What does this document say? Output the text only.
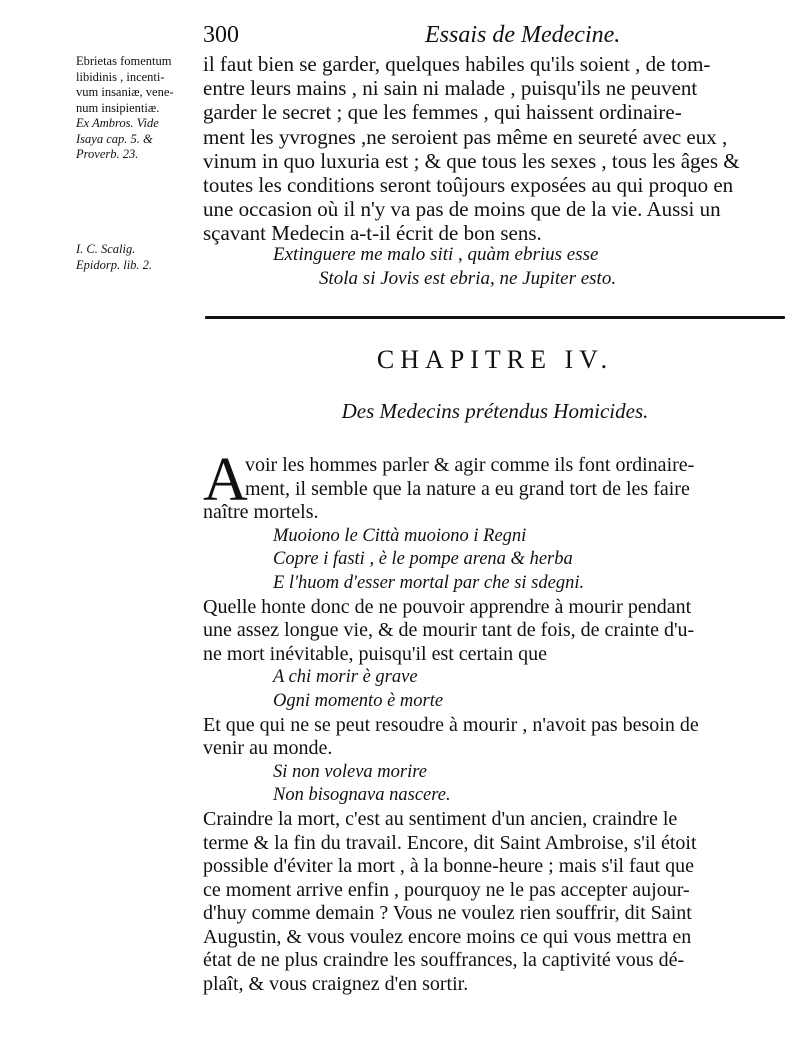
300	Essais de Medecine.
Ebrietas fomentum
libidinis , incenti-
vum insaniæ, vene-
num insipientiæ.
Ex Ambros. Vide
Isaya cap. 5. &
Proverb. 23.
I. C. Scalig.
Epidorp. lib. 2.
il faut bien se garder, quelques habiles qu'ils soient , de tom-
entre leurs mains , ni sain ni malade , puisqu'ils ne peuvent
garder le secret ; que les femmes , qui haissent ordinaire-
ment les yvrognes ,ne seroient pas même en seureté avec eux ,
vinum in quo luxuria est ; & que tous les sexes , tous les âges &
toutes les conditions seront toûjours exposées au qui proquo en
une occasion où il n'y va pas de moins que de la vie. Aussi un
sçavant Medecin a-t-il écrit de bon sens.
Extinguere me malo siti , quàm ebrius esse
Stola si Jovis est ebria, ne Jupiter esto.
CHAPITRE IV.
Des Medecins prétendus Homicides.
A
voir les hommes parler & agir comme ils font ordinaire-
ment, il semble que la nature a eu grand tort de les faire
naître mortels.
Muoiono le Città muoiono i Regni
Copre i fasti , è le pompe arena & herba
E l'huom d'esser mortal par che si sdegni.
Quelle honte donc de ne pouvoir apprendre à mourir pendant
une assez longue vie, & de mourir tant de fois, de crainte d'u-
ne mort inévitable, puisqu'il est certain que
A chi morir è grave
Ogni momento è morte
Et que qui ne se peut resoudre à mourir , n'avoit pas besoin de
venir au monde.
Si non voleva morire
Non bisognava nascere.
Craindre la mort, c'est au sentiment d'un ancien, craindre le
terme & la fin du travail. Encore, dit Saint Ambroise, s'il étoit
possible d'éviter la mort , à la bonne-heure ; mais s'il faut que
ce moment arrive enfin , pourquoy ne le pas accepter aujour-
d'huy comme demain ? Vous ne voulez rien souffrir, dit Saint
Augustin, & vous voulez encore moins ce qui vous mettra en
état de ne plus craindre les souffrances, la captivité vous dé-
plaît, & vous craignez d'en sortir.
